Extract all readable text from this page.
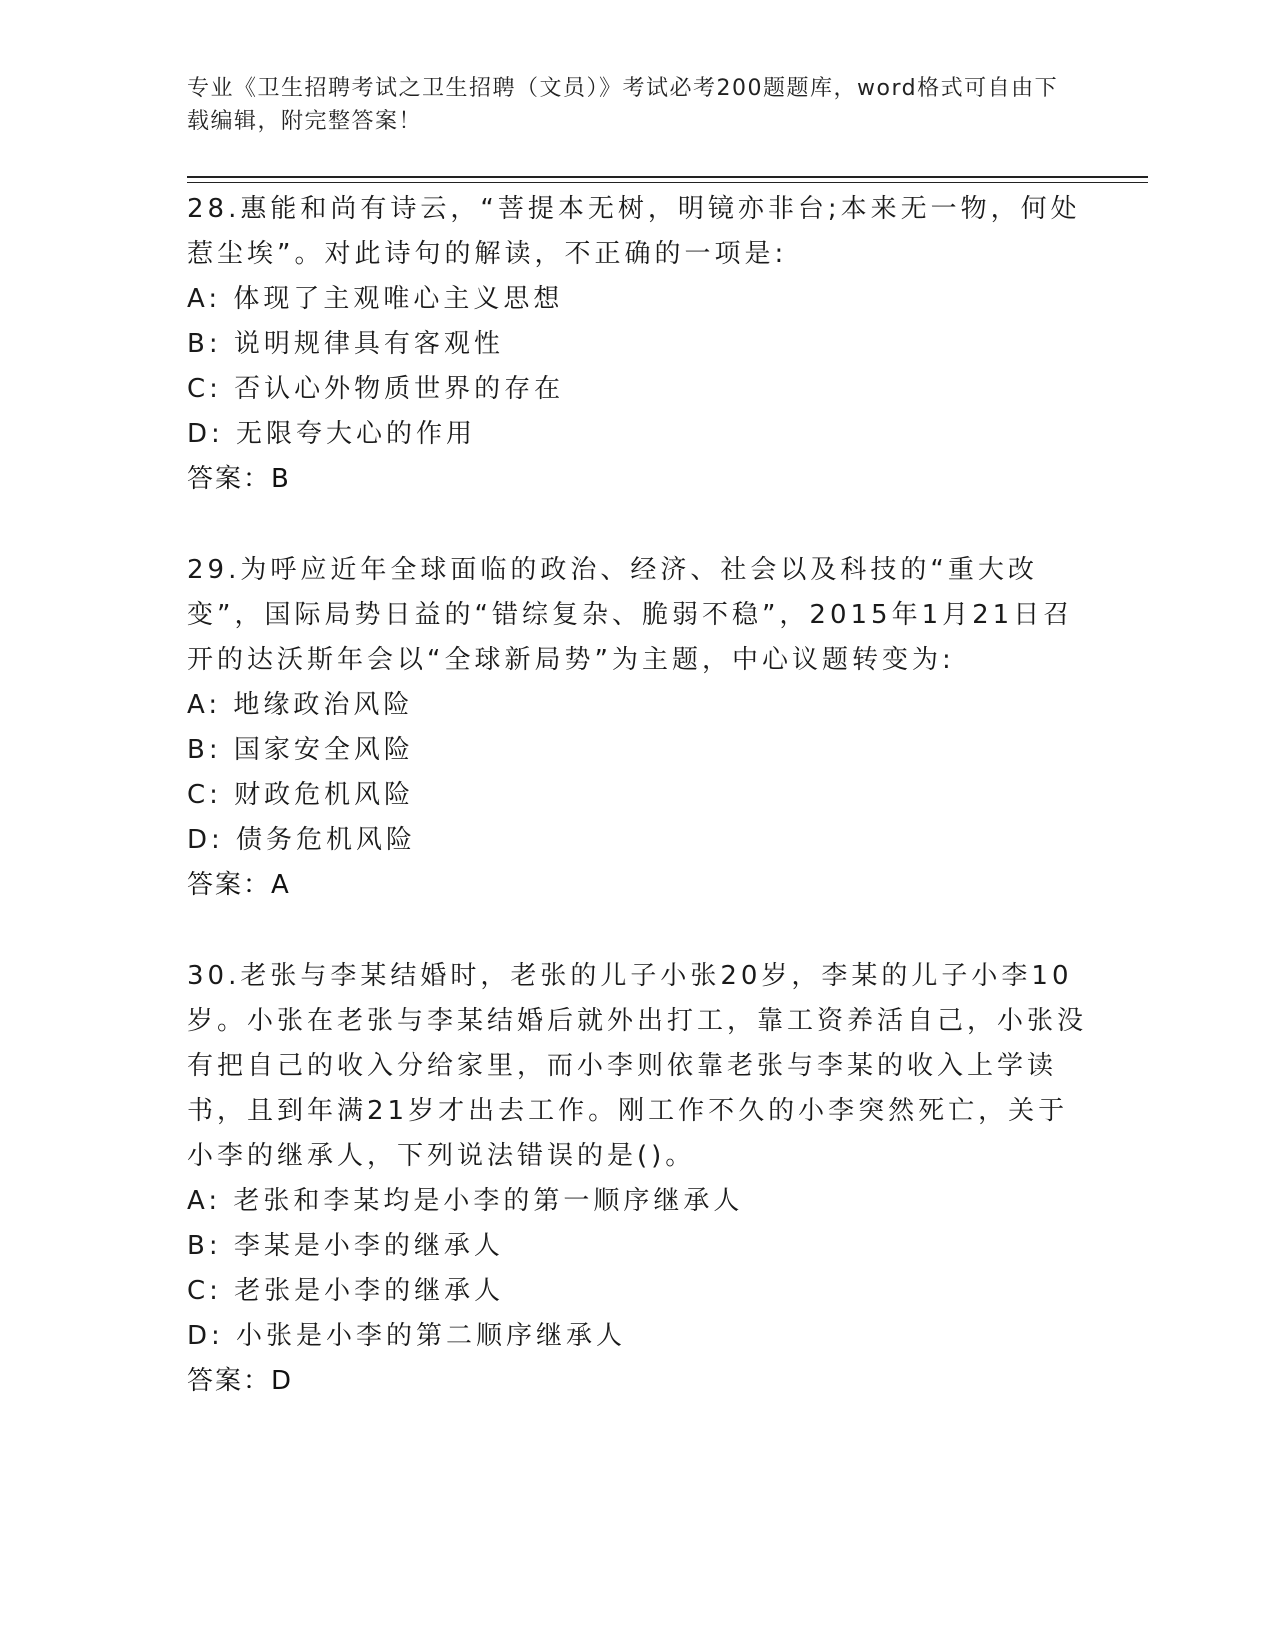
专业《卫生招聘考试之卫生招聘（文员）》考试必考200题题库，word格式可自由下载编辑，附完整答案！

28.惠能和尚有诗云，“菩提本无树，明镜亦非台;本来无一物，何处惹尘埃”。对此诗句的解读，不正确的一项是:

A: 体现了主观唯心主义思想

B: 说明规律具有客观性

C: 否认心外物质世界的存在

D: 无限夸大心的作用

答案：B

29.为呼应近年全球面临的政治、经济、社会以及科技的“重大改变”，国际局势日益的“错综复杂、脆弱不稳”，2015年1月21日召开的达沃斯年会以“全球新局势”为主题，中心议题转变为:

A: 地缘政治风险

B: 国家安全风险

C: 财政危机风险

D: 债务危机风险

答案：A

30.老张与李某结婚时，老张的儿子小张20岁，李某的儿子小李10岁。小张在老张与李某结婚后就外出打工，靠工资养活自己，小张没有把自己的收入分给家里，而小李则依靠老张与李某的收入上学读书，且到年满21岁才出去工作。刚工作不久的小李突然死亡，关于小李的继承人，下列说法错误的是()。

A: 老张和李某均是小李的第一顺序继承人

B: 李某是小李的继承人

C: 老张是小李的继承人

D: 小张是小李的第二顺序继承人

答案：D
